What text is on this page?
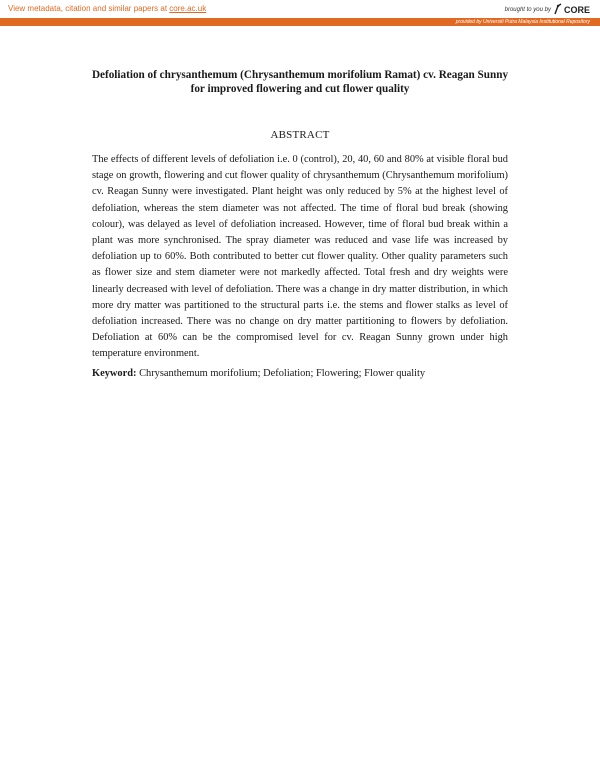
View metadata, citation and similar papers at core.ac.uk	brought to you by CORE
provided by Universiti Putra Malaysia Institutional Repository
Defoliation of chrysanthemum (Chrysanthemum morifolium Ramat) cv. Reagan Sunny
for improved flowering and cut flower quality
ABSTRACT
The effects of different levels of defoliation i.e. 0 (control), 20, 40, 60 and 80% at visible floral bud stage on growth, flowering and cut flower quality of chrysanthemum (Chrysanthemum morifolium) cv. Reagan Sunny were investigated. Plant height was only reduced by 5% at the highest level of defoliation, whereas the stem diameter was not affected. The time of floral bud break (showing colour), was delayed as level of defoliation increased. However, time of floral bud break within a plant was more synchronised. The spray diameter was reduced and vase life was increased by defoliation up to 60%. Both contributed to better cut flower quality. Other quality parameters such as flower size and stem diameter were not markedly affected. Total fresh and dry weights were linearly decreased with level of defoliation. There was a change in dry matter distribution, in which more dry matter was partitioned to the structural parts i.e. the stems and flower stalks as level of defoliation increased. There was no change on dry matter partitioning to flowers by defoliation. Defoliation at 60% can be the compromised level for cv. Reagan Sunny grown under high temperature environment.
Keyword: Chrysanthemum morifolium; Defoliation; Flowering; Flower quality
